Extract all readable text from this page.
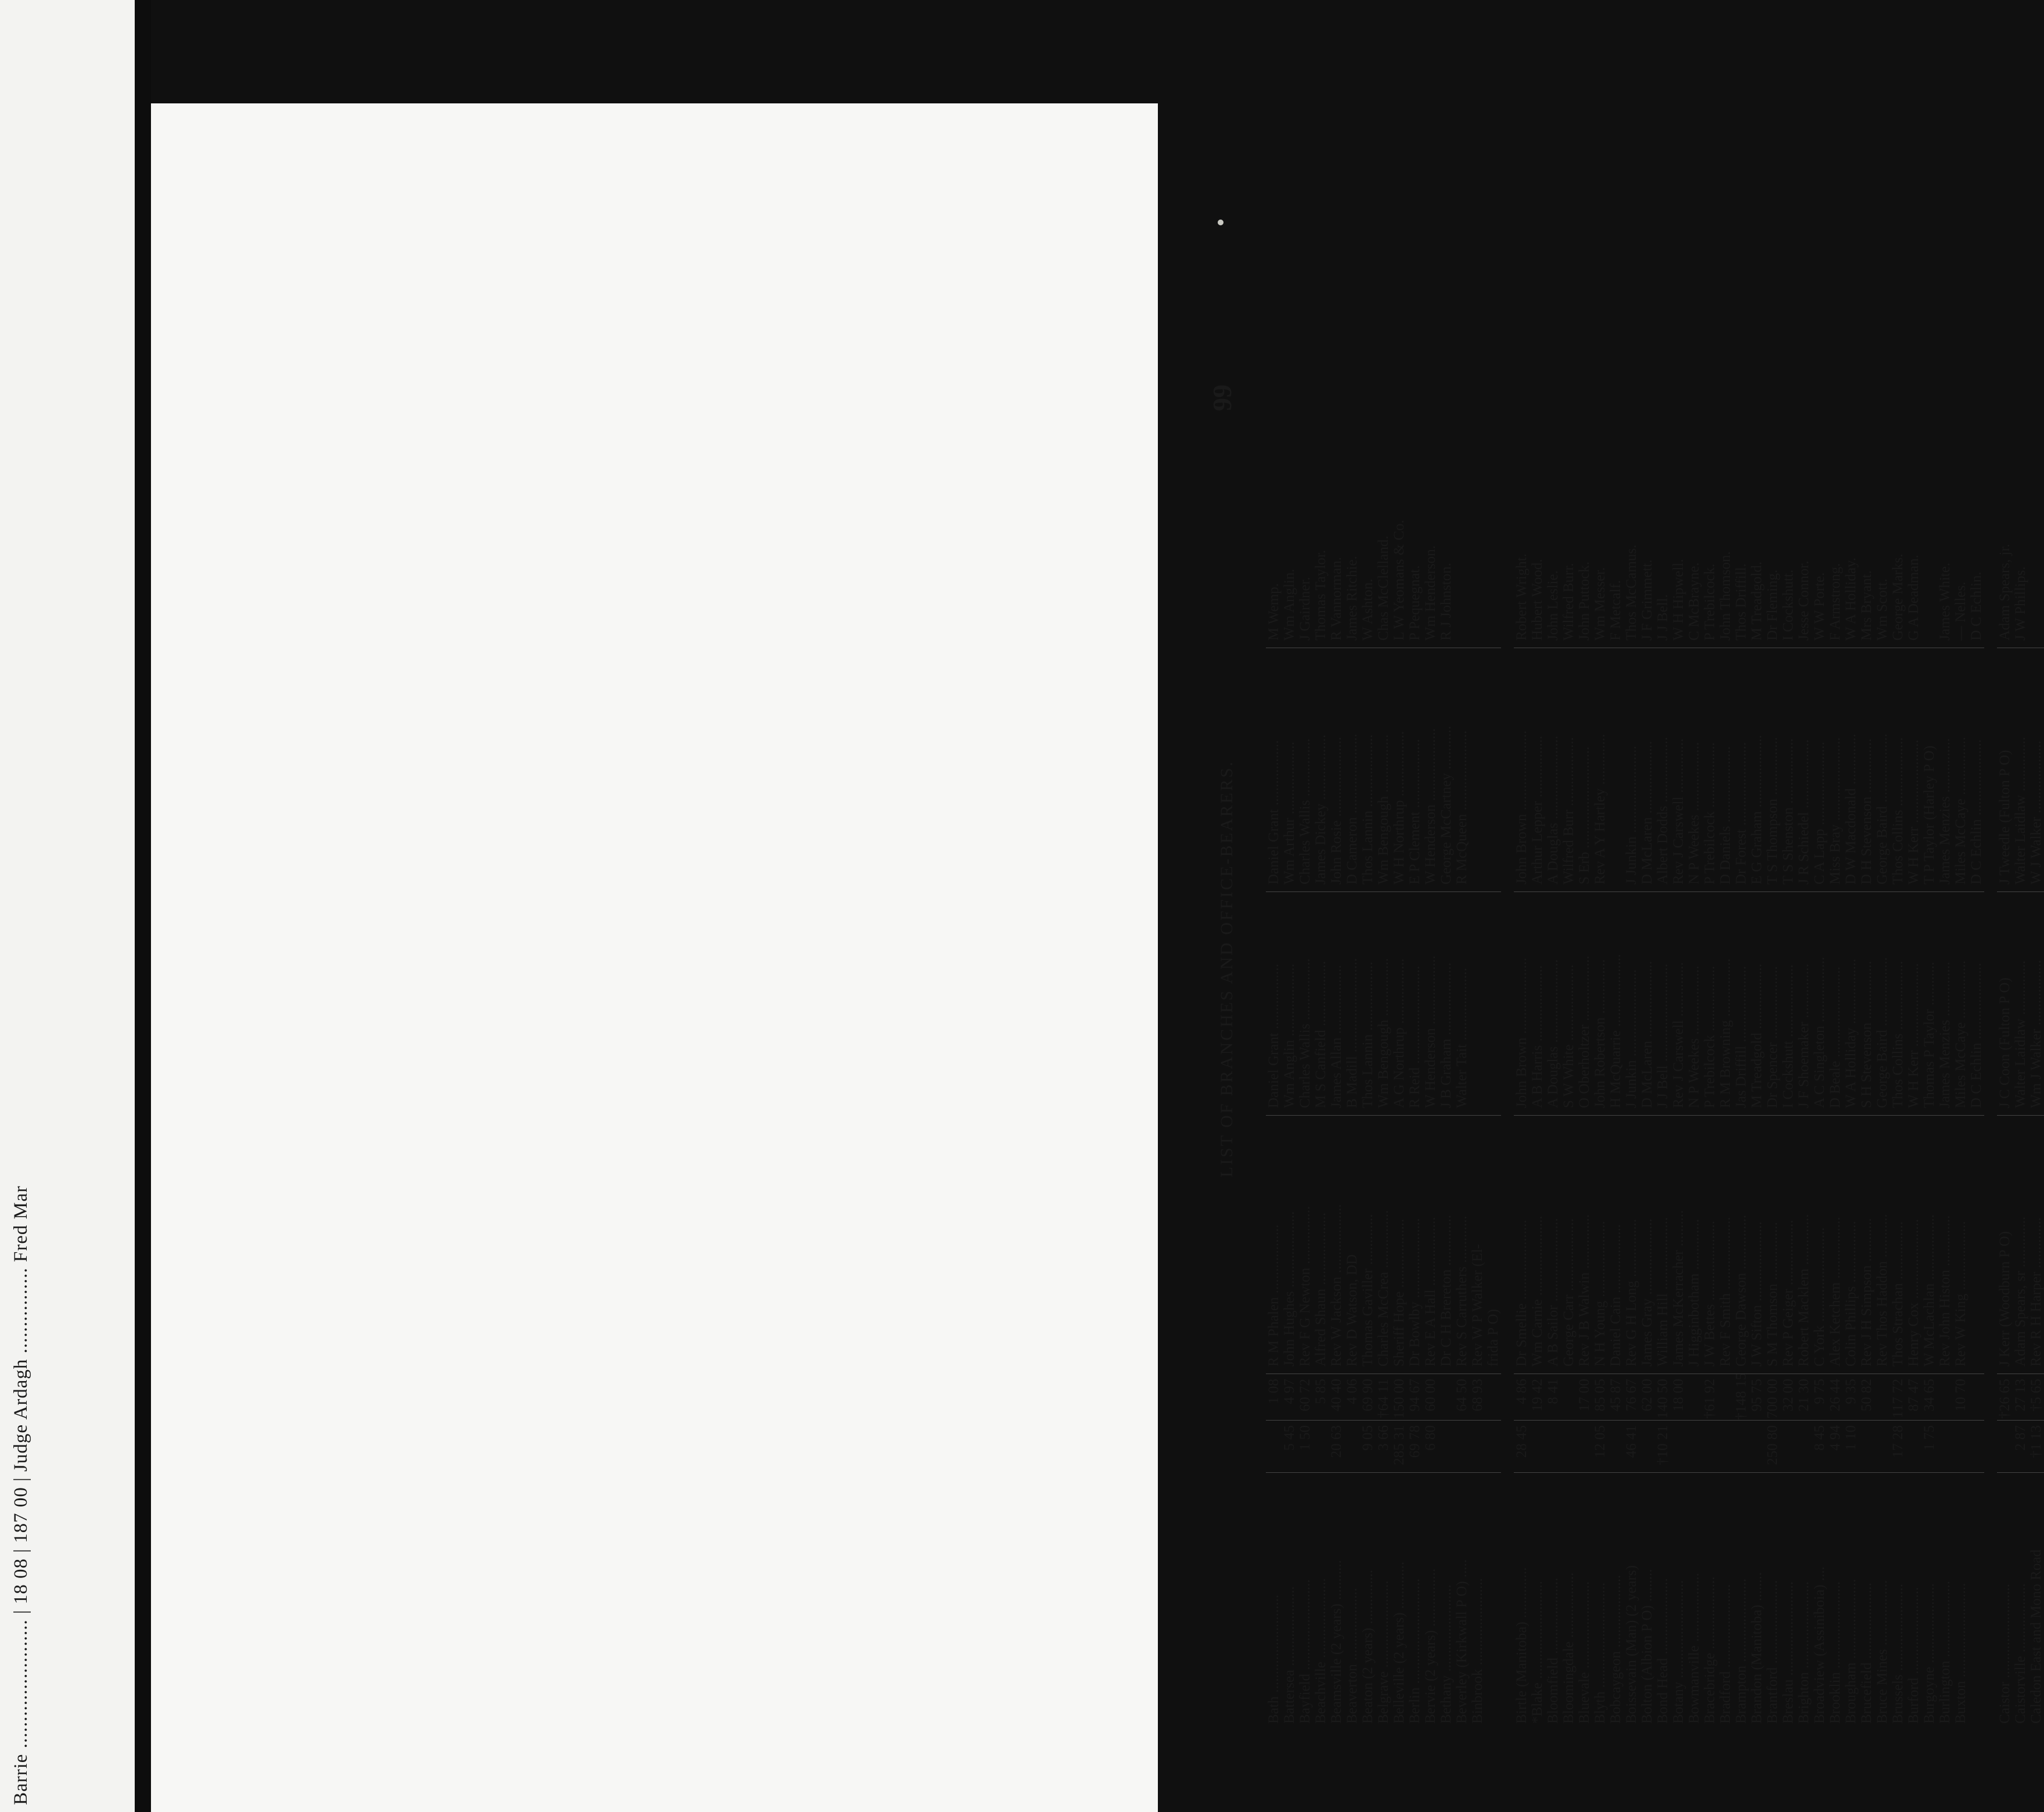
Barrie ........................ | 18 08 | 187 00 | Judge Ardagh ................ Fred Mar
LIST OF BRANCHES AND OFFICE-BEARERS.
99
Bath ...........................
1 08
R M Phalen ...................
Daniel Grant ..................
Daniel Grant ..................
M Wemp.
Battersea ......................
5 45
4 97
John Hughes .....................
Wm Anglin ....................
Wm Arthur ....................
Wm Anglin.
Bayfield .........................
1 50
60 72
Rev F G Newton ................
Charles Wallis .................
Charles Wallis ................
J Gairdner.
Beachville ......................
5 85
Alfred Shaun ....................
M S Canfield ..................
James Dickey ..................
Thomas Taylor.
Beamsville (2 years) ...........
20 63
40 40
Rev W Jackson ...................
James Allan ...................
John Rosie ......................
R Vannorman.
Beaverton ....................
4 06
Rev D Watson, DD
B Madill ..........................
D Cameron ......................
James Ritchie.
Beaton (2 years) ...............
9 05
69 90
Thomas Gaviller ..............
Thos Lannin ...................
Thos Lannin ....................
W Ashton.
Belgrave ........................
3 66
†64 11
Charles McCrea ................
Wm Bengough ................
Wm Bengough ................
Chas McClelland.
Belleville (2 years) .............
285 31
150 00
Sheriff Hope ...................
A G Northrup ..................
W H Northrup ..................
L W Yeomans & Co.
Berlin .............................
69 78
94 67
Dr Bowlby ......................
R Reid ...........................
E P Clement ...................
P Pequegnat.
Bervie (2 years) ................
6 80
60 00
Rev E A Hall ...................
W Henderson ...................
W Henderson ....................
Wm Henderson.
Bethany ........................
Dr C H Brereton ..............
J B Graham ....................
George McCartney ............
R J Johnston.
Beverley (Kirkwall P O) .....
64 50
Rev S Carruthers .............
Walter Tait ....................
R McQueen ......................
Binbrook ........................
68 93
Rev W P Walker (El- frida P O)
Birtle (Manitoba) ..............
28 45
4 86
Dr Smellie ......................
John Brown .....................
John Brown ......................
Robert Wright.
*Blake ...........................
19 42
Wm Carnie ......................
A B Harris .....................
Arthur Lepper .................
Hubert Wood.
Bloomfield .....................
8 41
A B Sailor .......................
A Douglas .......................
A Douglas .......................
John Leslie.
Bloomingdale ..................
George Carr ....................
S W White .....................
Wilfred Burr ...................
Wilfred Burr.
Bluevale ........................
17 00
Rev J B Walwin ...............
O Oberholtzer ..................
S Erb ............................
John Puttock.
Blyth .............................
12 05
85 05
N H Young .....................
John Robertson ...............
Rev A Y Hartley ..............
Wm Messer.
Bobcaygeon ....................
45 87
Daniel Cain ...................
H McQuarrie ....................
F Metcalf.
Boissevain (Man) (2 years)
46 41
76 67
Rev G H Long ................
J Junkin ........................
J Junkin ........................
Thos McCamus.
Bolton (Albion P O) .........
62 00
James Gray .....................
D McLaren .....................
D McLaren ....................
J F Grimmett.
Bond Head .....................
†10 21
140 50
William Hill ....................
J J Bell ...........................
Albert Dodds ..................
J J Bell.
Botany ...........................
18 00
James McKerracher ..........
Rev J Carswell ...............
Rev J Carswell ...............
W H Hipwell.
Bowmanville ...................
J Higginbotham ..............
N P Weekes ...................
N P Weekes ...................
C McBrayne.
Bracebridge ....................
†61 92
J W Bettes ......................
P Trebilcock ..................
P Trebilcock ..................
P Trebilcock.
Bradford .......................
Rev F Smith ....................
R M Browning ................
D Daniels .....................
John Thomson.
Brampton .......................
†148 15
George Dawson ...............
Jas Driffill .....................
Dr Forest .......................
Thos Driffill.
Brandon (Manitoba) ........
95 75
J W Sifton ......................
M Treadgold ..................
E G Graham ....................
M Treadgold.
Brantford .......................
250 80
700 00
S M Thomson ................
Dr Spencer ....................
T S Thompson ................
Dr Fleming.
Breslau ..........................
32 00
Rev P Geiger ..................
I Cockshutt ....................
T S Shenston ..................
I Cockshutt.
Brighton ........................
21 30
Robert Macklem ..............
J F Shoemaker ...............
J R Schiedel ...................
Jesse Connor.
Broadview (Assiniboia) ....
8 45
9 75
C York ..........................
A C Singleton ..................
C A Lapp .......................
W W Porte.
Brooklin ........................
4 94
26 44
Alex Ketchem .................
D Beale .........................
Miss Bray .......................
F Armstrong.
Brougham ......................
1 10
9 35
Colin Phillips .................
W A Holliday ..................
D W Macdonald ..............
W A Holliday.
Brucefield .....................
50 82
Rev J H Simpson ............
S H Stevenson ................
D H Stevenson ...............
Mrs Bryant.
Bruce Mines ..................
Rev Thos Haddon ............
George Baird ...................
George Baird ...................
Wm Scott.
Brussels ........................
17 28
117 72
Thos Strachan ................
Thos Collins ...................
Thos Collins ...................
George Marks.
Burford ........................
87 47
Henry Cox ......................
W H Kerr .......................
W H Kerr .......................
G A Deadman.
Burgoyne ......................
1 75
34 65
W McLachlan ..................
Thomas P Taylor ............
T P Taylor (Harley P O)
Burlington .....................
Rev John Histon ..............
James Menzies ...............
James Menzies ...............
James White.
Buxton ..........................
10 70
Rev W King ...................
Miles McCaye ................
Miles McCaye ................
— Nelles.
D C Echlin .....................
D C Echlin .....................
D C Echlin.
Caistor ..........................
†26 65
J Kerr (Woodburn P O)
J C Coon (Fulton P O)
J Tweedle (Fulton P O)
Adam Spears, jr.
Caistorville ...................
2 87
27 13
Adam Spears, sr ..............
Walter Laidlaw ...............
Walter Laidlaw ...............
J W Phillips.
Caledon East and Mono Road
†1 13
†5 65
Rev R H Harper ..............
Wm J Walker ..................
W J Walker ....................
